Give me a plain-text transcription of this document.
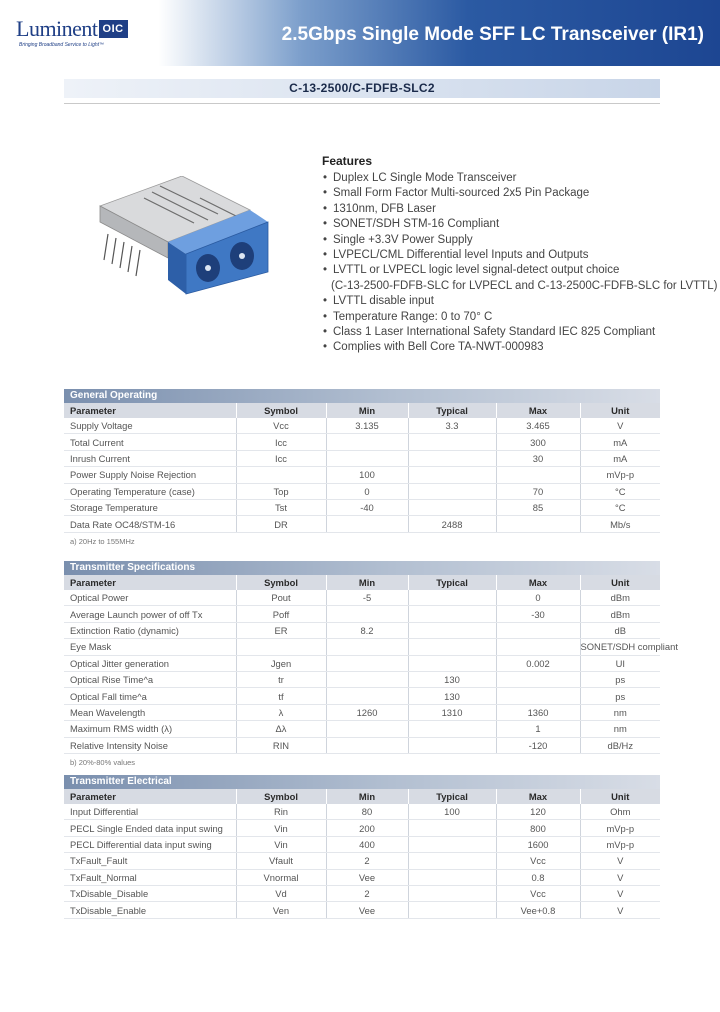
Luminent OIC
Bringing Broadband Service to Light™	2.5Gbps Single Mode SFF LC Transceiver (IR1)
C-13-2500/C-FDFB-SLC2
Features
• Duplex LC Single Mode Transceiver
• Small Form Factor Multi-sourced 2x5 Pin Package
• 1310nm, DFB Laser
• SONET/SDH STM-16 Compliant
• Single +3.3V Power Supply
• LVPECL/CML Differential level Inputs and Outputs
• LVTTL or LVPECL logic level signal-detect output choice
(C-13-2500-FDFB-SLC for LVPECL and C-13-2500C-FDFB-SLC for LVTTL)
• LVTTL disable input
• Temperature Range: 0 to 70° C
• Class 1 Laser International Safety Standard IEC 825 Compliant
• Complies with Bell Core TA-NWT-000983
General Operating
Parameter	Symbol	Min	Typical	Max	Unit
Supply Voltage	Vcc	3.135	3.3	3.465	V
Total Current	Icc			300	mA
Inrush Current	Icc			30	mA
Power Supply Noise Rejection		100			mVp-p
Operating Temperature (case)	Top	0		70	°C
Storage Temperature	Tst	-40		85	°C
Data Rate OC48/STM-16	DR		2488		Mb/s
a) 20Hz to 155MHz
Transmitter Specifications
Parameter	Symbol	Min	Typical	Max	Unit
Optical Power	Pout	-5		0	dBm
Average Launch power of off Tx	Poff			-30	dBm
Extinction Ratio (dynamic)	ER	8.2			dB
Eye Mask					SONET/SDH compliant
Optical Jitter generation	Jgen			0.002	UI
Optical Rise Time^a	tr		130		ps
Optical Fall time^a	tf		130		ps
Mean Wavelength	λ	1260	1310	1360	nm
Maximum RMS width (λ)	Δλ			1	nm
Relative Intensity Noise	RIN			-120	dB/Hz
b) 20%-80% values
Transmitter Electrical
Parameter	Symbol	Min	Typical	Max	Unit
Input Differential	Rin	80	100	120	Ohm
PECL Single Ended data input swing	Vin	200		800	mVp-p
PECL Differential data input swing	Vin	400		1600	mVp-p
TxFault_Fault	Vfault	2		Vcc	V
TxFault_Normal	Vnormal	Vee		0.8	V
TxDisable_Disable	Vd	2		Vcc	V
TxDisable_Enable	Ven	Vee		Vee+0.8	V
